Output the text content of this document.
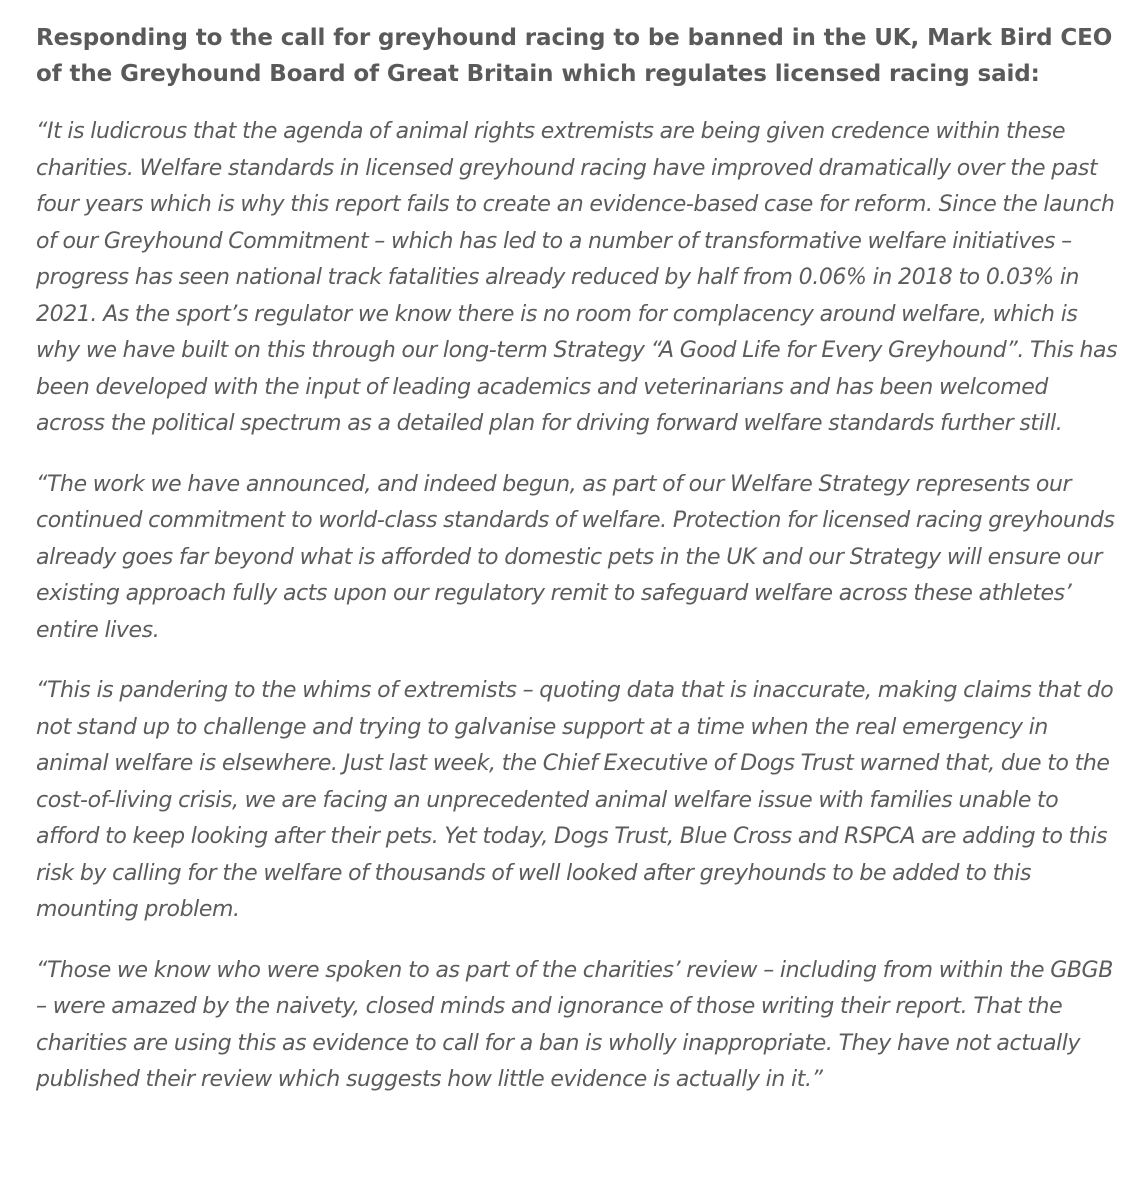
Responding to the call for greyhound racing to be banned in the UK, Mark Bird CEO of the Greyhound Board of Great Britain which regulates licensed racing said:

“It is ludicrous that the agenda of animal rights extremists are being given credence within these charities. Welfare standards in licensed greyhound racing have improved dramatically over the past four years which is why this report fails to create an evidence-based case for reform. Since the launch of our Greyhound Commitment – which has led to a number of transformative welfare initiatives – progress has seen national track fatalities already reduced by half from 0.06% in 2018 to 0.03% in 2021. As the sport’s regulator we know there is no room for complacency around welfare, which is why we have built on this through our long-term Strategy “A Good Life for Every Greyhound”. This has been developed with the input of leading academics and veterinarians and has been welcomed across the political spectrum as a detailed plan for driving forward welfare standards further still.

“The work we have announced, and indeed begun, as part of our Welfare Strategy represents our continued commitment to world-class standards of welfare. Protection for licensed racing greyhounds already goes far beyond what is afforded to domestic pets in the UK and our Strategy will ensure our existing approach fully acts upon our regulatory remit to safeguard welfare across these athletes’ entire lives.

“This is pandering to the whims of extremists – quoting data that is inaccurate, making claims that do not stand up to challenge and trying to galvanise support at a time when the real emergency in animal welfare is elsewhere. Just last week, the Chief Executive of Dogs Trust warned that, due to the cost-of-living crisis, we are facing an unprecedented animal welfare issue with families unable to afford to keep looking after their pets. Yet today, Dogs Trust, Blue Cross and RSPCA are adding to this risk by calling for the welfare of thousands of well looked after greyhounds to be added to this mounting problem.

“Those we know who were spoken to as part of the charities’ review – including from within the GBGB – were amazed by the naivety, closed minds and ignorance of those writing their report. That the charities are using this as evidence to call for a ban is wholly inappropriate. They have not actually published their review which suggests how little evidence is actually in it.”
